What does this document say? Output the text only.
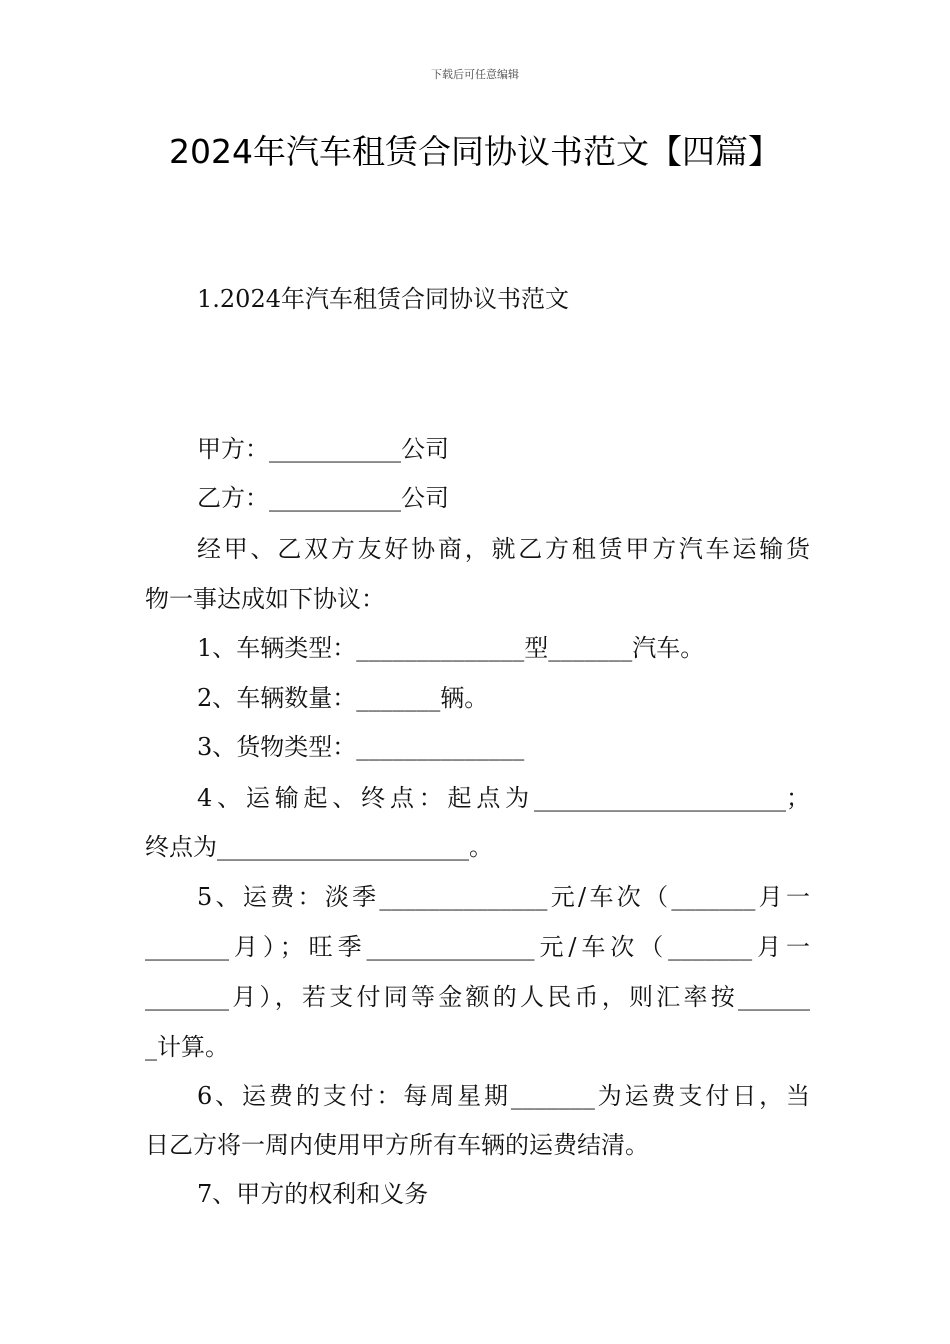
下载后可任意编辑
2024年汽车租赁合同协议书范文【四篇】
1.2024年汽车租赁合同协议书范文
甲方：___________公司
乙方：___________公司
经甲、乙双方友好协商，就乙方租赁甲方汽车运输货
物一事达成如下协议：
1、车辆类型：______________型_______汽车。
2、车辆数量：_______辆。
3、货物类型：______________
4、运输起、终点：起点为_____________________；
终点为_____________________。
5、运费：淡季______________元/车次（_______月一
_______月）；旺季______________元/车次（_______月一
_______月），若支付同等金额的人民币，则汇率按______
_计算。
6、运费的支付：每周星期_______为运费支付日，当
日乙方将一周内使用甲方所有车辆的运费结清。
7、甲方的权利和义务
